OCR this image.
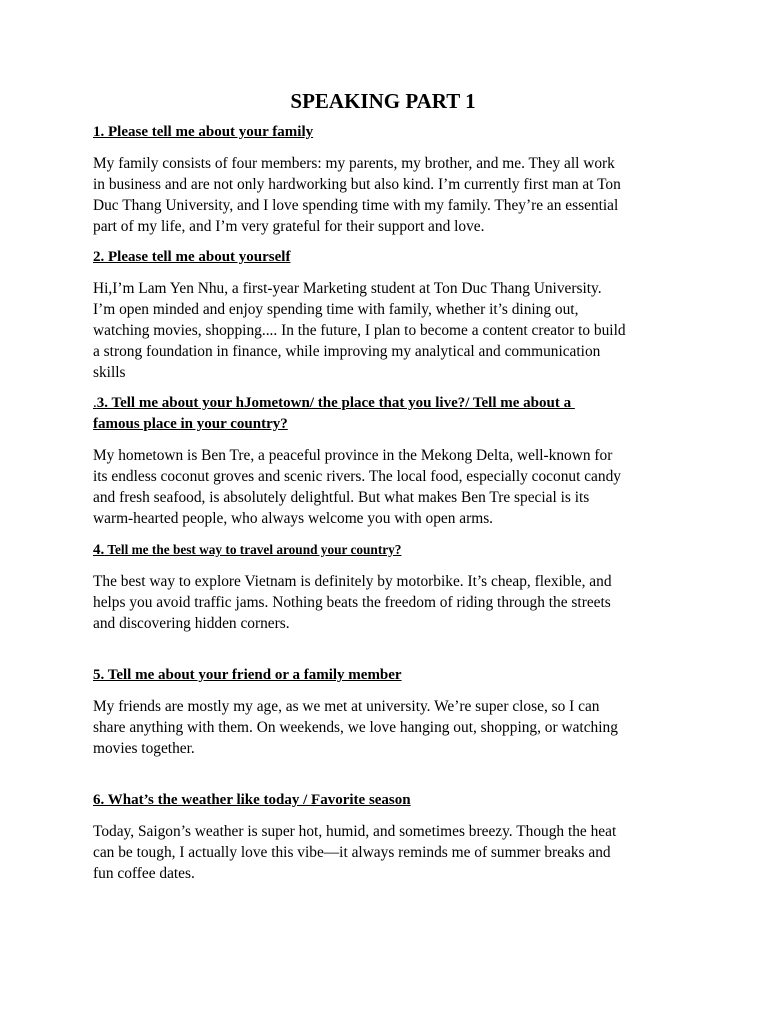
SPEAKING PART 1
1. Please tell me about your family
My family consists of four members: my parents, my brother, and me. They all work
in business and are not only hardworking but also kind. I’m currently first man at Ton
Duc Thang University, and I love spending time with my family. They’re an essential
part of my life, and I’m very grateful for their support and love.
2. Please tell me about yourself
Hi,I’m Lam Yen Nhu, a first-year Marketing student at Ton Duc Thang University.
I’m open minded and enjoy spending time with family, whether it’s dining out,
watching movies, shopping.... In the future, I plan to become a content creator to build
a strong foundation in finance, while improving my analytical and communication
skills
.3. Tell me about your hJometown/ the place that you live?/ Tell me about a
famous place in your country?
My hometown is Ben Tre, a peaceful province in the Mekong Delta, well-known for
its endless coconut groves and scenic rivers. The local food, especially coconut candy
and fresh seafood, is absolutely delightful. But what makes Ben Tre special is its
warm-hearted people, who always welcome you with open arms.
4. Tell me the best way to travel around your country?
The best way to explore Vietnam is definitely by motorbike. It’s cheap, flexible, and
helps you avoid traffic jams. Nothing beats the freedom of riding through the streets
and discovering hidden corners.
5. Tell me about your friend or a family member
My friends are mostly my age, as we met at university. We’re super close, so I can
share anything with them. On weekends, we love hanging out, shopping, or watching
movies together.
6. What’s the weather like today / Favorite season
Today, Saigon’s weather is super hot, humid, and sometimes breezy. Though the heat
can be tough, I actually love this vibe—it always reminds me of summer breaks and
fun coffee dates.
